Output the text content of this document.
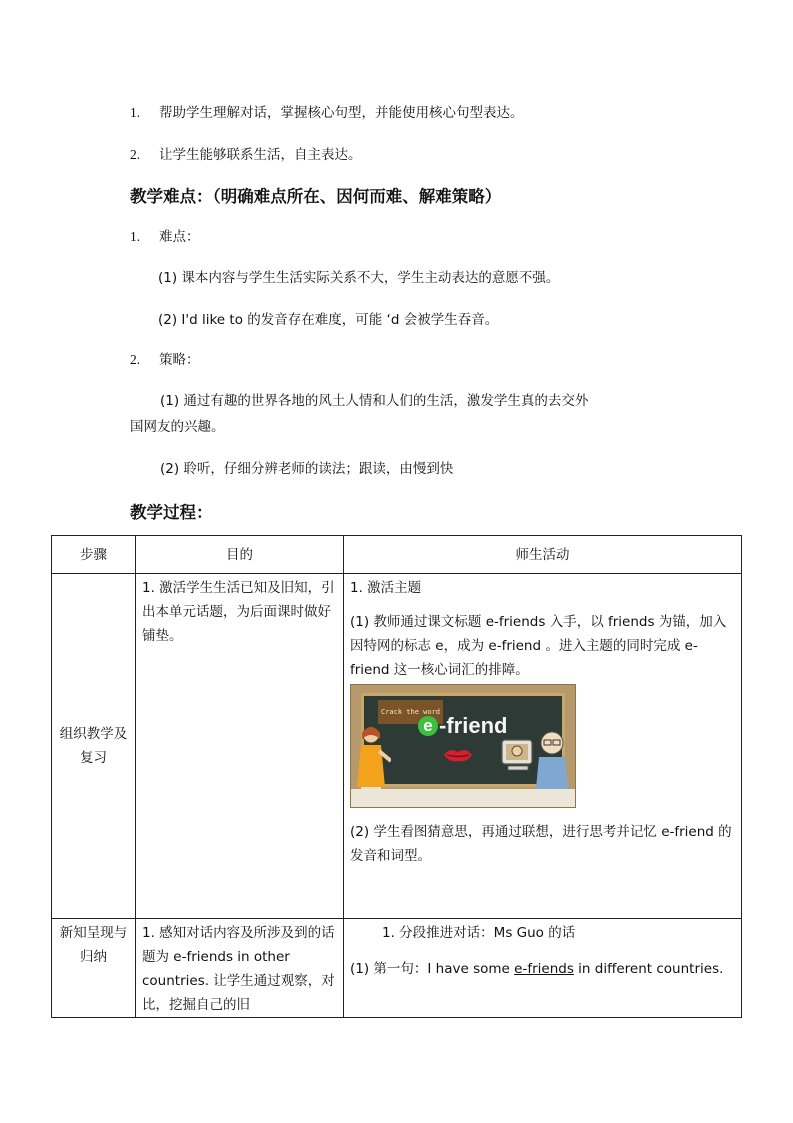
1. 帮助学生理解对话，掌握核心句型，并能使用核心句型表达。
2. 让学生能够联系生活，自主表达。
教学难点：（明确难点所在、因何而难、解难策略）
1. 难点：
(1) 课本内容与学生生活实际关系不大，学生主动表达的意愿不强。
(2) I'd like to 的发音存在难度，可能 ‘d 会被学生吞音。
2. 策略：
(1) 通过有趣的世界各地的风土人情和人们的生活，激发学生真的去交外
国网友的兴趣。
(2) 聆听，仔细分辨老师的读法；跟读，由慢到快
教学过程：
步骤	目的	师生活动
组织教学及复习	1. 激活学生生活已知及旧知，引出本单元话题，为后面课时做好铺垫。	1. 激活主题

(1) 教师通过课文标题 e-friends 入手，以 friends 为锚，加入因特网的标志 e，成为 e-friend 。进入主题的同时完成 e-friend 这一核心词汇的排障。

Crack the word
e -friend

(2) 学生看图猜意思，再通过联想，进行思考并记忆 e-friend 的发音和词型。

新知呈现与归纳	1. 感知对话内容及所涉及到的话题为 e-friends in other countries. 让学生通过观察，对比，挖掘自己的旧	1. 分段推进对话：Ms Guo 的话

(1) 第一句：I have some e-friends in different countries.
